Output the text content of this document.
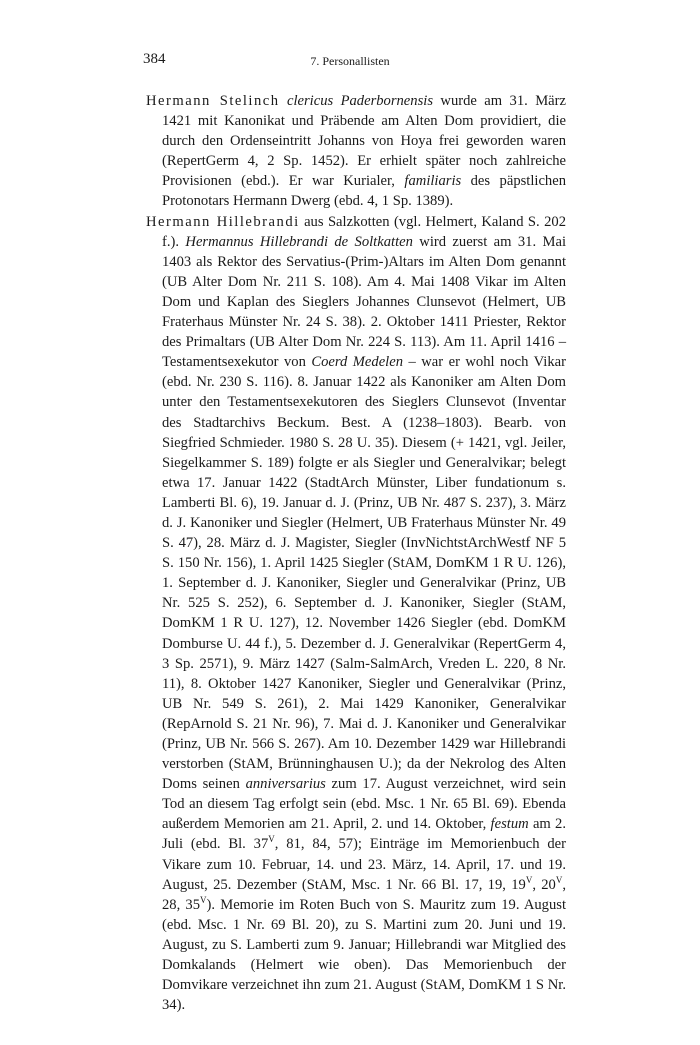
384	7. Personallisten

Hermann Stelinch clericus Paderbornensis wurde am 31. März 1421 mit Kanonikat und Präbende am Alten Dom providiert, die durch den Ordenseintritt Johanns von Hoya frei geworden waren (RepertGerm 4, 2 Sp. 1452). Er erhielt später noch zahlreiche Provisionen (ebd.). Er war Kurialer, familiaris des päpstlichen Protonotars Hermann Dwerg (ebd. 4, 1 Sp. 1389).

Hermann Hillebrandi aus Salzkotten (vgl. Helmert, Kaland S. 202 f.). Hermannus Hillebrandi de Soltkatten wird zuerst am 31. Mai 1403 als Rektor des Servatius-(Prim-)Altars im Alten Dom genannt (UB Alter Dom Nr. 211 S. 108). Am 4. Mai 1408 Vikar im Alten Dom und Kaplan des Sieglers Johannes Clunsevot (Helmert, UB Fraterhaus Münster Nr. 24 S. 38). 2. Oktober 1411 Priester, Rektor des Primaltars (UB Alter Dom Nr. 224 S. 113). Am 11. April 1416 – Testamentsexekutor von Coerd Medelen – war er wohl noch Vikar (ebd. Nr. 230 S. 116). 8. Januar 1422 als Kanoniker am Alten Dom unter den Testamentsexekutoren des Sieglers Clunsevot (Inventar des Stadtarchivs Beckum. Best. A (1238–1803). Bearb. von Siegfried Schmieder. 1980 S. 28 U. 35). Diesem (+ 1421, vgl. Jeiler, Siegelkammer S. 189) folgte er als Siegler und Generalvikar; belegt etwa 17. Januar 1422 (StadtArch Münster, Liber fundationum s. Lamberti Bl. 6), 19. Januar d. J. (Prinz, UB Nr. 487 S. 237), 3. März d. J. Kanoniker und Siegler (Helmert, UB Fraterhaus Münster Nr. 49 S. 47), 28. März d. J. Magister, Siegler (InvNichtstArchWestf NF 5 S. 150 Nr. 156), 1. April 1425 Siegler (StAM, DomKM 1 R U. 126), 1. September d. J. Kanoniker, Siegler und Generalvikar (Prinz, UB Nr. 525 S. 252), 6. September d. J. Kanoniker, Siegler (StAM, DomKM 1 R U. 127), 12. November 1426 Siegler (ebd. DomKM Domburse U. 44 f.), 5. Dezember d. J. Generalvikar (RepertGerm 4, 3 Sp. 2571), 9. März 1427 (Salm-SalmArch, Vreden L. 220, 8 Nr. 11), 8. Oktober 1427 Kanoniker, Siegler und Generalvikar (Prinz, UB Nr. 549 S. 261), 2. Mai 1429 Kanoniker, Generalvikar (RepArnold S. 21 Nr. 96), 7. Mai d. J. Kanoniker und Generalvikar (Prinz, UB Nr. 566 S. 267). Am 10. Dezember 1429 war Hillebrandi verstorben (StAM, Brünninghausen U.); da der Nekrolog des Alten Doms seinen anniversarius zum 17. August verzeichnet, wird sein Tod an diesem Tag erfolgt sein (ebd. Msc. 1 Nr. 65 Bl. 69). Ebenda außerdem Memorien am 21. April, 2. und 14. Oktober, festum am 2. Juli (ebd. Bl. $37^V$, 81, 84, 57); Einträge im Memorienbuch der Vikare zum 10. Februar, 14. und 23. März, 14. April, 17. und 19. August, 25. Dezember (StAM, Msc. 1 Nr. 66 Bl. 17, 19, $19^V$, $20^V$, 28, $35^V$). Memorie im Roten Buch von S. Mauritz zum 19. August (ebd. Msc. 1 Nr. 69 Bl. 20), zu S. Martini zum 20. Juni und 19. August, zu S. Lamberti zum 9. Januar; Hillebrandi war Mitglied des Domkalands (Helmert wie oben). Das Memorienbuch der Domvikare verzeichnet ihn zum 21. August (StAM, DomKM 1 S Nr. 34).
